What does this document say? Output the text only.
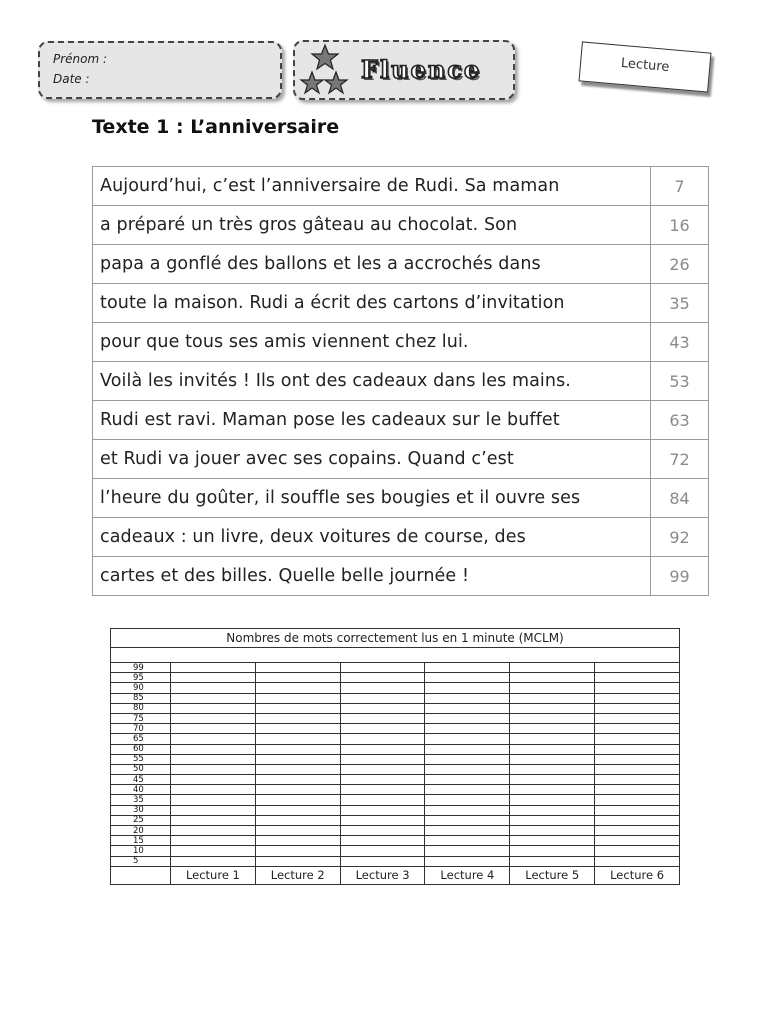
Prénom :
Date :	Fluence	Lecture
Texte 1 : L’anniversaire
Aujourd’hui, c’est l’anniversaire de Rudi. Sa maman	7
a préparé un très gros gâteau au chocolat. Son	16
papa a gonflé des ballons et les a accrochés dans	26
toute la maison. Rudi a écrit des cartons d’invitation	35
pour que tous ses amis viennent chez lui.	43
Voilà les invités ! Ils ont des cadeaux dans les mains.	53
Rudi est ravi. Maman pose les cadeaux sur le buffet	63
et Rudi va jouer avec ses copains. Quand c’est	72
l’heure du goûter, il souffle ses bougies et il ouvre ses	84
cadeaux : un livre, deux voitures de course, des	92
cartes et des billes. Quelle belle journée !	99
Nombres de mots correctement lus en 1 minute (MCLM)						

99						
95						
90						
85						
80						
75						
70						
65						
60						
55						
50						
45						
40						
35						
30						
25						
20						
15						
10						
5						
	Lecture 1	Lecture 2	Lecture 3	Lecture 4	Lecture 5	Lecture 6
